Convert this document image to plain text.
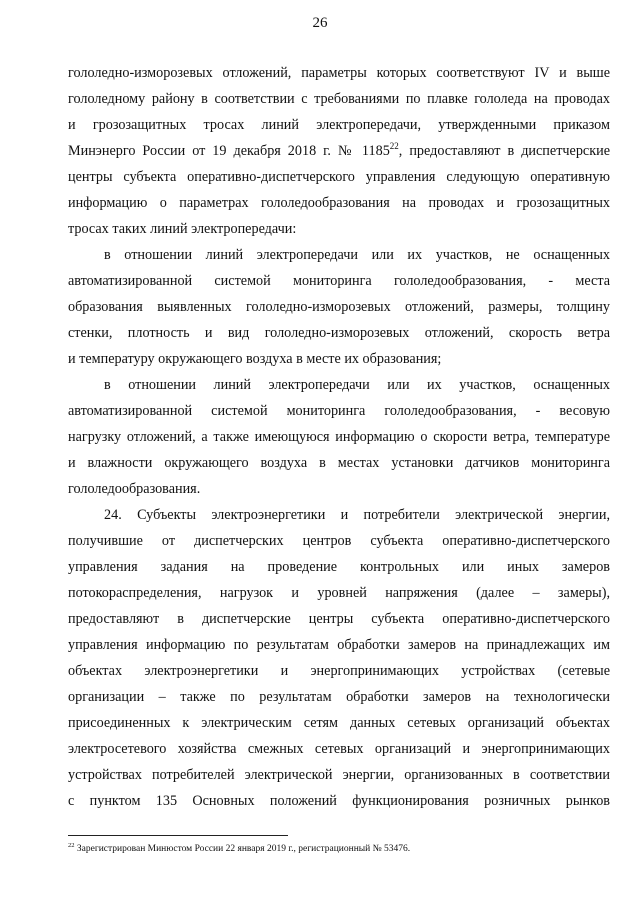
26
гололедно-изморозевых отложений, параметры которых соответствуют IV и выше
гололедному району в соответствии с требованиями по плавке гололеда на проводах
и грозозащитных тросах линий электропередачи, утвержденными приказом
Минэнерго России от 19 декабря 2018 г. № 1185$^{22}$, предоставляют в диспетчерские
центры субъекта оперативно-диспетчерского управления следующую оперативную
информацию о параметрах гололедообразования на проводах и грозозащитных
тросах таких линий электропередачи:
в отношении линий электропередачи или их участков, не оснащенных
автоматизированной системой мониторинга гололедообразования, - места
образования выявленных гололедно-изморозевых отложений, размеры, толщину
стенки, плотность и вид гололедно-изморозевых отложений, скорость ветра
и температуру окружающего воздуха в месте их образования;
в отношении линий электропередачи или их участков, оснащенных
автоматизированной системой мониторинга гололедообразования, - весовую
нагрузку отложений, а также имеющуюся информацию о скорости ветра, температуре
и влажности окружающего воздуха в местах установки датчиков мониторинга
гололедообразования.
24. Субъекты электроэнергетики и потребители электрической энергии,
получившие от диспетчерских центров субъекта оперативно-диспетчерского
управления задания на проведение контрольных или иных замеров
потокораспределения, нагрузок и уровней напряжения (далее – замеры),
предоставляют в диспетчерские центры субъекта оперативно-диспетчерского
управления информацию по результатам обработки замеров на принадлежащих им
объектах электроэнергетики и энергопринимающих устройствах (сетевые
организации – также по результатам обработки замеров на технологически
присоединенных к электрическим сетям данных сетевых организаций объектах
электросетевого хозяйства смежных сетевых организаций и энергопринимающих
устройствах потребителей электрической энергии, организованных в соответствии
с пунктом 135 Основных положений функционирования розничных рынков
$^{22}$ Зарегистрирован Минюстом России 22 января 2019 г., регистрационный № 53476.
